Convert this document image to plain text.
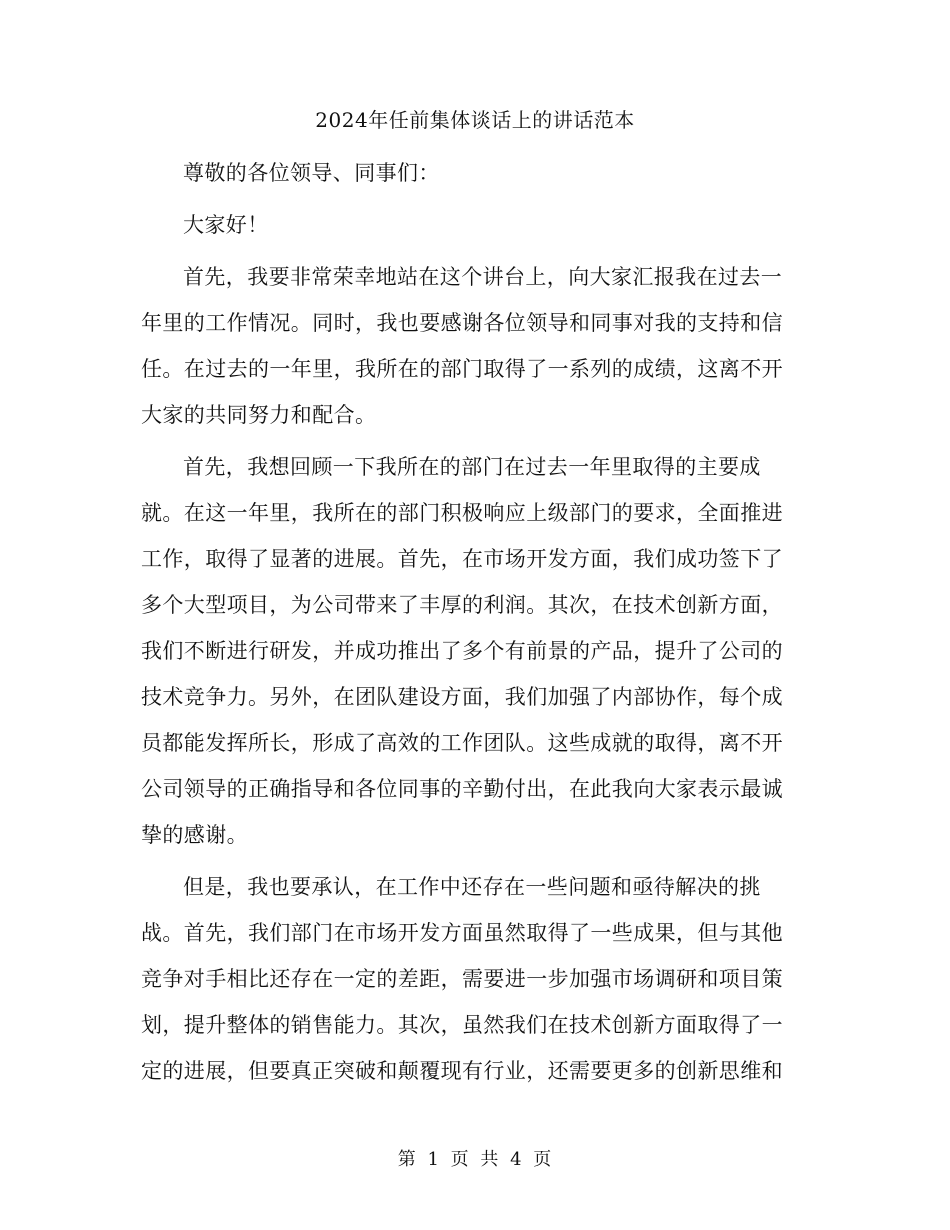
2024年任前集体谈话上的讲话范本

尊敬的各位领导、同事们：

大家好！

首先，我要非常荣幸地站在这个讲台上，向大家汇报我在过去一年里的工作情况。同时，我也要感谢各位领导和同事对我的支持和信任。在过去的一年里，我所在的部门取得了一系列的成绩，这离不开大家的共同努力和配合。

首先，我想回顾一下我所在的部门在过去一年里取得的主要成就。在这一年里，我所在的部门积极响应上级部门的要求，全面推进工作，取得了显著的进展。首先，在市场开发方面，我们成功签下了多个大型项目，为公司带来了丰厚的利润。其次，在技术创新方面，我们不断进行研发，并成功推出了多个有前景的产品，提升了公司的技术竞争力。另外，在团队建设方面，我们加强了内部协作，每个成员都能发挥所长，形成了高效的工作团队。这些成就的取得，离不开公司领导的正确指导和各位同事的辛勤付出，在此我向大家表示最诚挚的感谢。

但是，我也要承认，在工作中还存在一些问题和亟待解决的挑战。首先，我们部门在市场开发方面虽然取得了一些成果，但与其他竞争对手相比还存在一定的差距，需要进一步加强市场调研和项目策划，提升整体的销售能力。其次，虽然我们在技术创新方面取得了一定的进展，但要真正突破和颠覆现有行业，还需要更多的创新思维和

第 1 页 共 4 页
